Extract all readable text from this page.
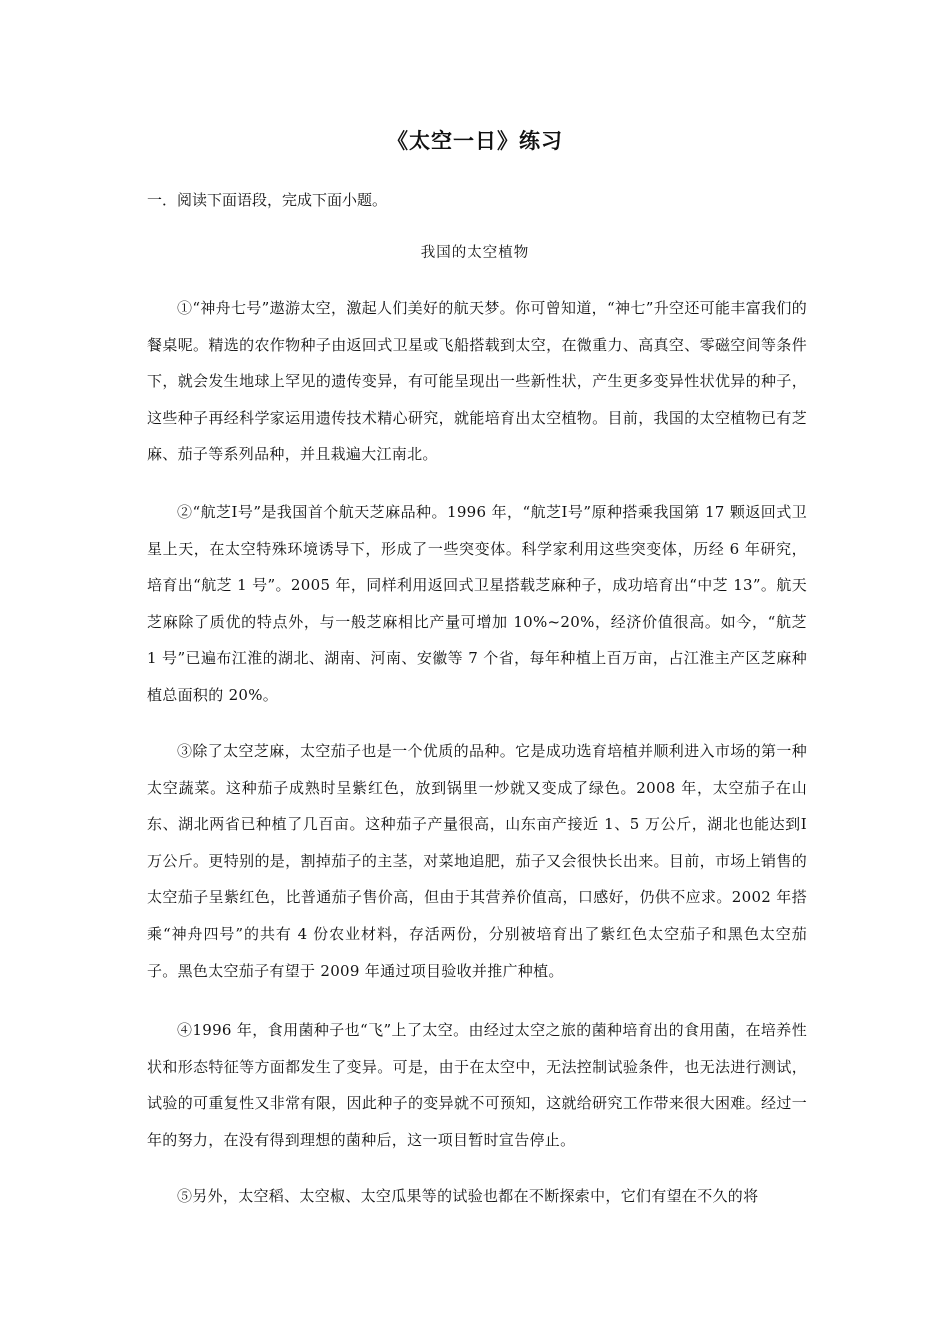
《太空一日》练习
一．阅读下面语段，完成下面小题。
我国的太空植物

①“神舟七号”遨游太空，激起人们美好的航天梦。你可曾知道，“神七”升空还可能丰富我们的餐桌呢。精选的农作物种子由返回式卫星或飞船搭载到太空，在微重力、高真空、零磁空间等条件下，就会发生地球上罕见的遗传变异，有可能呈现出一些新性状，产生更多变异性状优异的种子，这些种子再经科学家运用遗传技术精心研究，就能培育出太空植物。目前，我国的太空植物已有芝麻、茄子等系列品种，并且栽遍大江南北。

②“航芝Ⅰ号”是我国首个航天芝麻品种。1996 年，“航芝Ⅰ号”原种搭乘我国第 17 颗返回式卫星上天，在太空特殊环境诱导下，形成了一些突变体。科学家利用这些突变体，历经 6 年研究，培育出“航芝 1 号”。2005 年，同样利用返回式卫星搭载芝麻种子，成功培育出“中芝 13”。航天芝麻除了质优的特点外，与一般芝麻相比产量可增加 10%~20%，经济价值很高。如今，“航芝 1 号”已遍布江淮的湖北、湖南、河南、安徽等 7 个省，每年种植上百万亩，占江淮主产区芝麻种植总面积的 20%。

③除了太空芝麻，太空茄子也是一个优质的品种。它是成功选育培植并顺利进入市场的第一种太空蔬菜。这种茄子成熟时呈紫红色，放到锅里一炒就又变成了绿色。2008 年，太空茄子在山东、湖北两省已种植了几百亩。这种茄子产量很高，山东亩产接近 1、5 万公斤，湖北也能达到Ⅰ万公斤。更特别的是，割掉茄子的主茎，对菜地追肥，茄子又会很快长出来。目前，市场上销售的太空茄子呈紫红色，比普通茄子售价高，但由于其营养价值高，口感好，仍供不应求。2002 年搭乘“神舟四号”的共有 4 份农业材料，存活两份，分别被培育出了紫红色太空茄子和黑色太空茄子。黑色太空茄子有望于 2009 年通过项目验收并推广种植。

④1996 年，食用菌种子也“飞”上了太空。由经过太空之旅的菌种培育出的食用菌，在培养性状和形态特征等方面都发生了变异。可是，由于在太空中，无法控制试验条件，也无法进行测试，试验的可重复性又非常有限，因此种子的变异就不可预知，这就给研究工作带来很大困难。经过一年的努力，在没有得到理想的菌种后，这一项目暂时宣告停止。

⑤另外，太空稻、太空椒、太空瓜果等的试验也都在不断探索中，它们有望在不久的将
